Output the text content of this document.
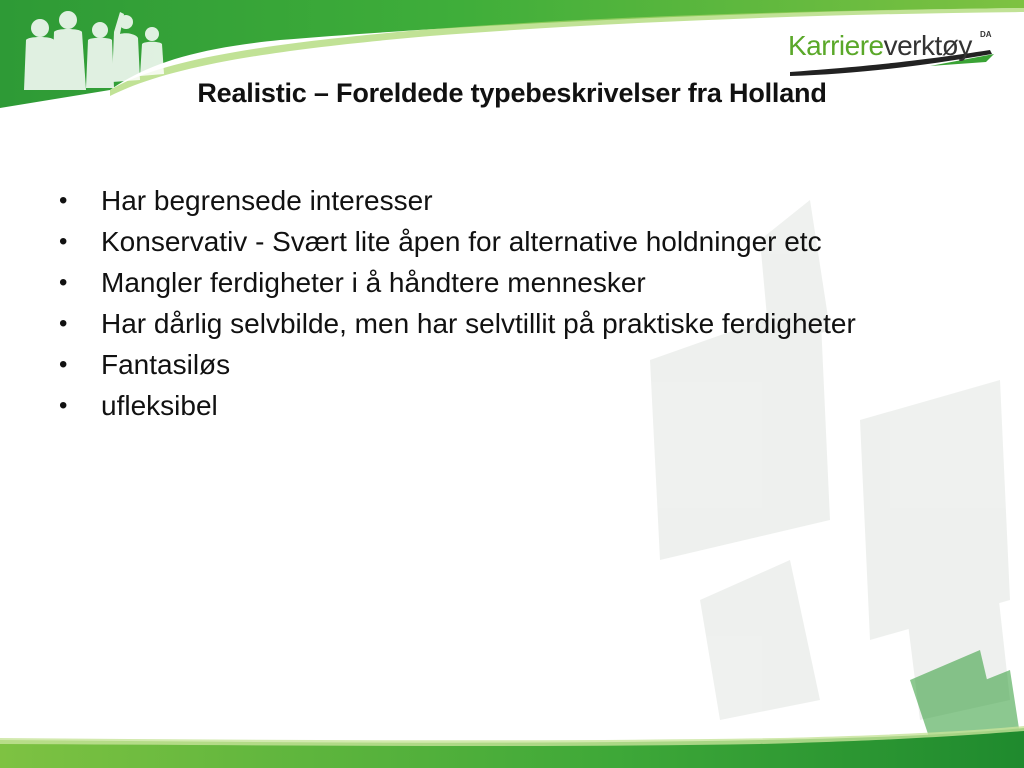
Karriereverktøy DA
Realistic – Foreldede typebeskrivelser fra Holland
• Har begrensede interesser
• Konservativ - Svært lite åpen for alternative holdninger etc
• Mangler ferdigheter i å håndtere mennesker
• Har dårlig selvbilde, men har selvtillit på praktiske ferdigheter
• Fantasiløs
• ufleksibel
